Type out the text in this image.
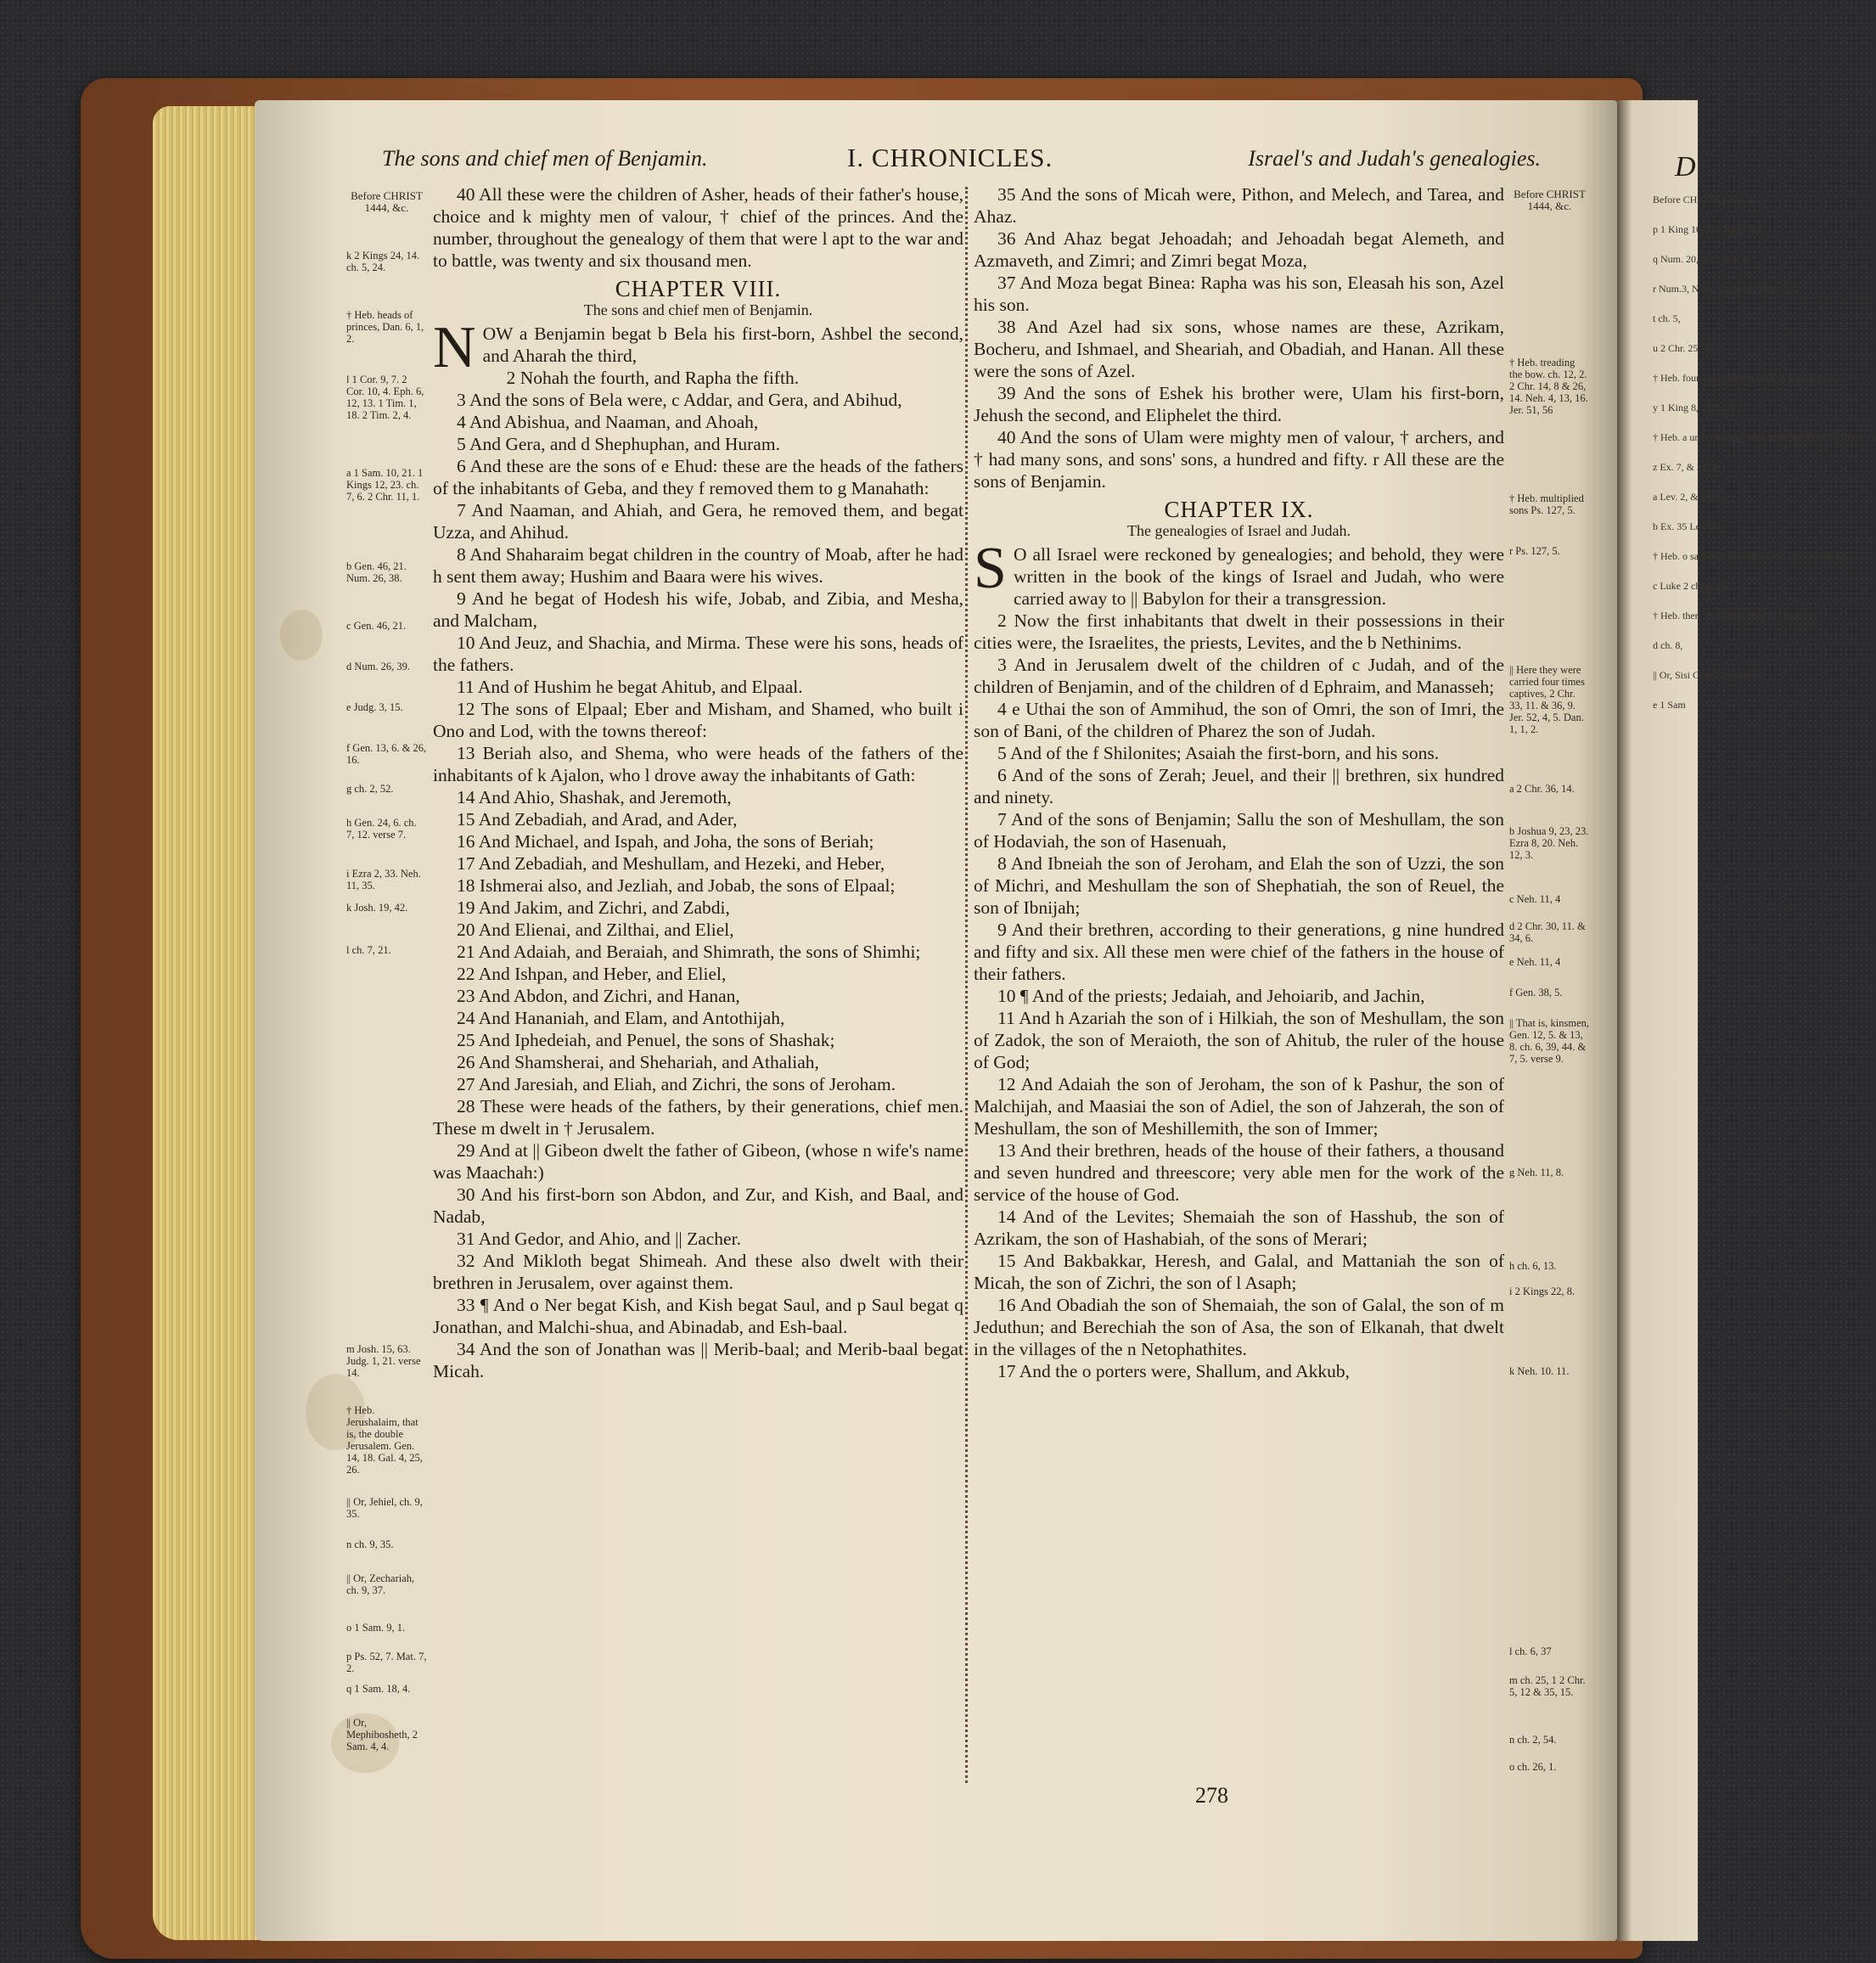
D
Before CHRIST 1200, &
p 1 King 10, 5. 2 Kings 13.
q Num. 20, & 2, & 4, 4.
r Num.3, Num. 12, & 31. Mal. 2, 5,
t ch. 5,
u 2 Chr. 25, 26.
† Heb. founded Ameinth truth, 1 Cor. 4, 5, 5.
y 1 King 8, 5. ch. 26, 1
† Heb. a unto mor ing, unto morning Acts 20, Rom. 12
z Ex. 7, & 27, 3.
a Lev. 2, & 24, 5.
b Ex. 35 Lev. 24,
† Heb. o sabbathe sabbaths Lev. 24, 1 Kings 13.
c Luke 2 chap. 25,
† Heb. them in t work. chap. 23 Luke 2,
d ch. 8,
|| Or, Sisi Gen. 20, chap. 8,
e 1 Sam
The sons and chief men of Benjamin.	I. CHRONICLES.	Israel's and Judah's genealogies.
Before CHRIST 1444, &c.
k 2 Kings 24, 14. ch. 5, 24.
† Heb. heads of princes, Dan. 6, 1, 2.
l 1 Cor. 9, 7. 2 Cor. 10, 4. Eph. 6, 12, 13. 1 Tim. 1, 18. 2 Tim. 2, 4.
a 1 Sam. 10, 21. 1 Kings 12, 23. ch. 7, 6. 2 Chr. 11, 1.
b Gen. 46, 21. Num. 26, 38.
c Gen. 46, 21.
d Num. 26, 39.
e Judg. 3, 15.
f Gen. 13, 6. & 26, 16.
g ch. 2, 52.
h Gen. 24, 6. ch. 7, 12. verse 7.
i Ezra 2, 33. Neh. 11, 35.
k Josh. 19, 42.
l ch. 7, 21.
m Josh. 15, 63. Judg. 1, 21. verse 14.
† Heb. Jerushalaim, that is, the double Jerusalem. Gen. 14, 18. Gal. 4, 25, 26.
|| Or, Jehiel, ch. 9, 35.
n ch. 9, 35.
|| Or, Zechariah, ch. 9, 37.
o 1 Sam. 9, 1.
p Ps. 52, 7. Mat. 7, 2.
q 1 Sam. 18, 4.
|| Or, Mephibosheth, 2 Sam. 4, 4.

40 All these were the children of Asher, heads of their father's house, choice and k mighty men of valour, † chief of the princes. And the number, throughout the genealogy of them that were l apt to the war and to battle, was twenty and six thousand men.

CHAPTER VIII.
The sons and chief men of Benjamin.

NOW a Benjamin begat b Bela his first-born, Ashbel the second, and Aharah the third,

2 Nohah the fourth, and Rapha the fifth.

3 And the sons of Bela were, c Addar, and Gera, and Abihud,

4 And Abishua, and Naaman, and Ahoah,

5 And Gera, and d Shephuphan, and Huram.

6 And these are the sons of e Ehud: these are the heads of the fathers of the inhabitants of Geba, and they f removed them to g Manahath:

7 And Naaman, and Ahiah, and Gera, he removed them, and begat Uzza, and Ahihud.

8 And Shaharaim begat children in the country of Moab, after he had h sent them away; Hushim and Baara were his wives.

9 And he begat of Hodesh his wife, Jobab, and Zibia, and Mesha, and Malcham,

10 And Jeuz, and Shachia, and Mirma. These were his sons, heads of the fathers.

11 And of Hushim he begat Ahitub, and Elpaal.

12 The sons of Elpaal; Eber and Misham, and Shamed, who built i Ono and Lod, with the towns thereof:

13 Beriah also, and Shema, who were heads of the fathers of the inhabitants of k Ajalon, who l drove away the inhabitants of Gath:

14 And Ahio, Shashak, and Jeremoth,

15 And Zebadiah, and Arad, and Ader,

16 And Michael, and Ispah, and Joha, the sons of Beriah;

17 And Zebadiah, and Meshullam, and Hezeki, and Heber,

18 Ishmerai also, and Jezliah, and Jobab, the sons of Elpaal;

19 And Jakim, and Zichri, and Zabdi,

20 And Elienai, and Zilthai, and Eliel,

21 And Adaiah, and Beraiah, and Shimrath, the sons of Shimhi;

22 And Ishpan, and Heber, and Eliel,

23 And Abdon, and Zichri, and Hanan,

24 And Hananiah, and Elam, and Antothijah,

25 And Iphedeiah, and Penuel, the sons of Shashak;

26 And Shamsherai, and Shehariah, and Athaliah,

27 And Jaresiah, and Eliah, and Zichri, the sons of Jeroham.

28 These were heads of the fathers, by their generations, chief men. These m dwelt in † Jerusalem.

29 And at || Gibeon dwelt the father of Gibeon, (whose n wife's name was Maachah:)

30 And his first-born son Abdon, and Zur, and Kish, and Baal, and Nadab,

31 And Gedor, and Ahio, and || Zacher.

32 And Mikloth begat Shimeah. And these also dwelt with their brethren in Jerusalem, over against them.

33 ¶ And o Ner begat Kish, and Kish begat Saul, and p Saul begat q Jonathan, and Malchi-shua, and Abinadab, and Esh-baal.

34 And the son of Jonathan was || Merib-baal; and Merib-baal begat Micah.

35 And the sons of Micah were, Pithon, and Melech, and Tarea, and Ahaz.

36 And Ahaz begat Jehoadah; and Jehoadah begat Alemeth, and Azmaveth, and Zimri; and Zimri begat Moza,

37 And Moza begat Binea: Rapha was his son, Eleasah his son, Azel his son.

38 And Azel had six sons, whose names are these, Azrikam, Bocheru, and Ishmael, and Sheariah, and Obadiah, and Hanan. All these were the sons of Azel.

39 And the sons of Eshek his brother were, Ulam his first-born, Jehush the second, and Eliphelet the third.

40 And the sons of Ulam were mighty men of valour, † archers, and † had many sons, and sons' sons, a hundred and fifty. r All these are the sons of Benjamin.

CHAPTER IX.
The genealogies of Israel and Judah.

S O all Israel were reckoned by genealogies; and behold, they were written in the book of the kings of Israel and Judah, who were carried away to || Babylon for their a transgression.

2 Now the first inhabitants that dwelt in their possessions in their cities were, the Israelites, the priests, Levites, and the b Nethinims.

3 And in Jerusalem dwelt of the children of c Judah, and of the children of Benjamin, and of the children of d Ephraim, and Manasseh;

4 e Uthai the son of Ammihud, the son of Omri, the son of Imri, the son of Bani, of the children of Pharez the son of Judah.

5 And of the f Shilonites; Asaiah the first-born, and his sons.

6 And of the sons of Zerah; Jeuel, and their || brethren, six hundred and ninety.

7 And of the sons of Benjamin; Sallu the son of Meshullam, the son of Hodaviah, the son of Hasenuah,

8 And Ibneiah the son of Jeroham, and Elah the son of Uzzi, the son of Michri, and Meshullam the son of Shephatiah, the son of Reuel, the son of Ibnijah;

9 And their brethren, according to their generations, g nine hundred and fifty and six. All these men were chief of the fathers in the house of their fathers.

10 ¶ And of the priests; Jedaiah, and Jehoiarib, and Jachin,

11 And h Azariah the son of i Hilkiah, the son of Meshullam, the son of Zadok, the son of Meraioth, the son of Ahitub, the ruler of the house of God;

12 And Adaiah the son of Jeroham, the son of k Pashur, the son of Malchijah, and Maasiai the son of Adiel, the son of Jahzerah, the son of Meshullam, the son of Meshillemith, the son of Immer;

13 And their brethren, heads of the house of their fathers, a thousand and seven hundred and threescore; very able men for the work of the service of the house of God.

14 And of the Levites; Shemaiah the son of Hasshub, the son of Azrikam, the son of Hashabiah, of the sons of Merari;

15 And Bakbakkar, Heresh, and Galal, and Mattaniah the son of Micah, the son of Zichri, the son of l Asaph;

16 And Obadiah the son of Shemaiah, the son of Galal, the son of m Jeduthun; and Berechiah the son of Asa, the son of Elkanah, that dwelt in the villages of the n Netophathites.

17 And the o porters were, Shallum, and Akkub,

Before CHRIST 1444, &c.
† Heb. treading the bow. ch. 12, 2. 2 Chr. 14, 8 & 26, 14. Neh. 4, 13, 16. Jer. 51, 56
† Heb. multiplied sons Ps. 127, 5.
r Ps. 127, 5.
|| Here they were carried four times captives, 2 Chr. 33, 11. & 36, 9. Jer. 52, 4, 5. Dan. 1, 1, 2.
a 2 Chr. 36, 14.
b Joshua 9, 23, 23. Ezra 8, 20. Neh. 12, 3.
c Neh. 11, 4
d 2 Chr. 30, 11. & 34, 6.
e Neh. 11, 4
f Gen. 38, 5.
|| That is, kinsmen, Gen. 12, 5. & 13, 8. ch. 6, 39, 44. & 7, 5. verse 9.
g Neh. 11, 8.
h ch. 6, 13.
i 2 Kings 22, 8.
k Neh. 10. 11.
l ch. 6, 37
m ch. 25, 1 2 Chr. 5, 12 & 35, 15.
n ch. 2, 54.
o ch. 26, 1.
278
